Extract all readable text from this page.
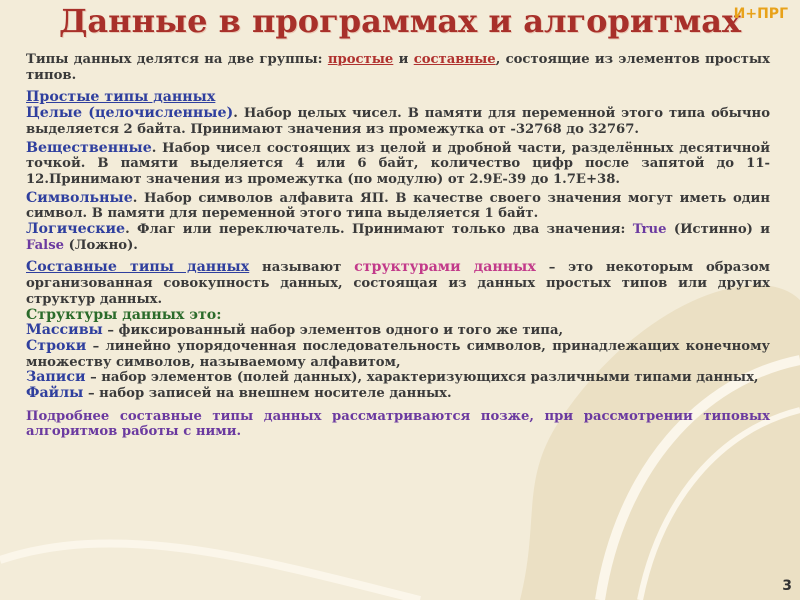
Данные в программах и алгоритмах
И+ПРГ

Типы данных делятся на две группы: простые и составные, состоящие из элементов простых типов.

Простые типы данных

Целые (целочисленные). Набор целых чисел. В памяти для переменной этого типа обычно выделяется 2 байта. Принимают значения из промежутка от -32768 до 32767.

Вещественные. Набор чисел состоящих из целой и дробной части, разделённых десятичной точкой. В памяти выделяется 4 или 6 байт, количество цифр после запятой до 11-12.Принимают значения из промежутка (по модулю) от 2.9Е-39 до 1.7Е+38.

Символьные. Набор символов алфавита ЯП. В качестве своего значения могут иметь один символ. В памяти для переменной этого типа выделяется 1 байт.

Логические. Флаг или переключатель. Принимают только два значения: True (Истинно) и False (Ложно).

Составные типы данных называют структурами данных – это некоторым образом организованная совокупность данных, состоящая из данных простых типов или других структур данных.

Структуры данных это:

Массивы – фиксированный набор элементов одного и того же типа,

Строки – линейно упорядоченная последовательность символов, принадлежащих конечному множеству символов, называемому алфавитом,

Записи – набор элементов (полей данных), характеризующихся различными типами данных,

Файлы – набор записей на внешнем носителе данных.

Подробнее составные типы данных рассматриваются позже, при рассмотрении типовых алгоритмов работы с ними.

3
